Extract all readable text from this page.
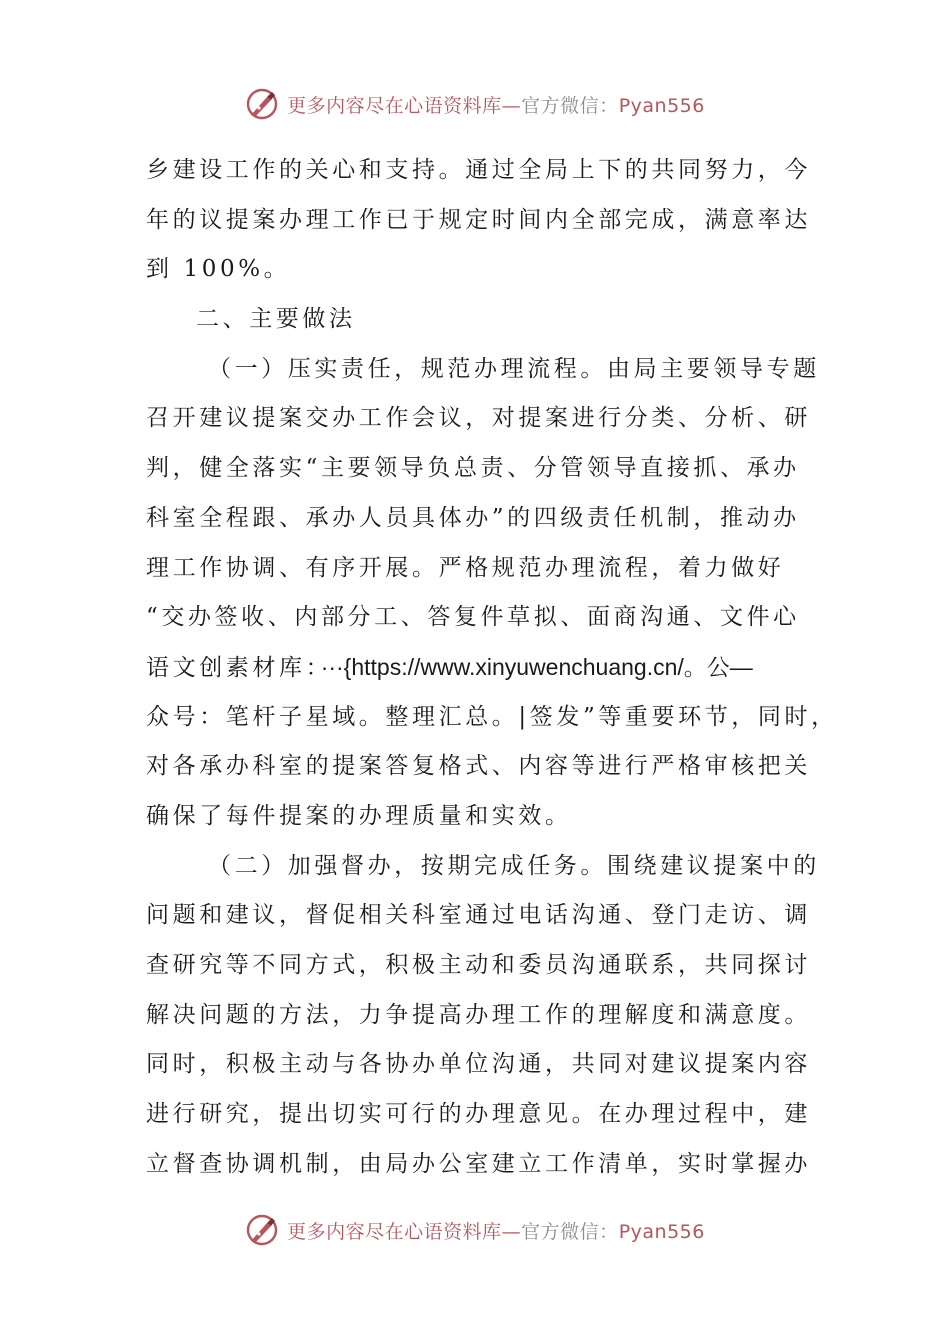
更多内容尽在心语资料库—官方微信：Pyan556
乡建设工作的关心和支持。通过全局上下的共同努力，今
年的议提案办理工作已于规定时间内全部完成，满意率达
到 100%。
二、主要做法
（一）压实责任，规范办理流程。由局主要领导专题
召开建议提案交办工作会议，对提案进行分类、分析、研
判，健全落实“主要领导负总责、分管领导直接抓、承办
科室全程跟、承办人员具体办”的四级责任机制，推动办
理工作协调、有序开展。严格规范办理流程，着力做好
“交办签收、内部分工、答复件草拟、面商沟通、文件心
语文创素材库：···{https://www.xinyuwenchuang.cn/。公—
众号：笔杆子星域。整理汇总。|签发”等重要环节，同时，
对各承办科室的提案答复格式、内容等进行严格审核把关
确保了每件提案的办理质量和实效。
（二）加强督办，按期完成任务。围绕建议提案中的
问题和建议，督促相关科室通过电话沟通、登门走访、调
查研究等不同方式，积极主动和委员沟通联系，共同探讨
解决问题的方法，力争提高办理工作的理解度和满意度。
同时，积极主动与各协办单位沟通，共同对建议提案内容
进行研究，提出切实可行的办理意见。在办理过程中，建
立督查协调机制，由局办公室建立工作清单，实时掌握办
更多内容尽在心语资料库—官方微信：Pyan556
